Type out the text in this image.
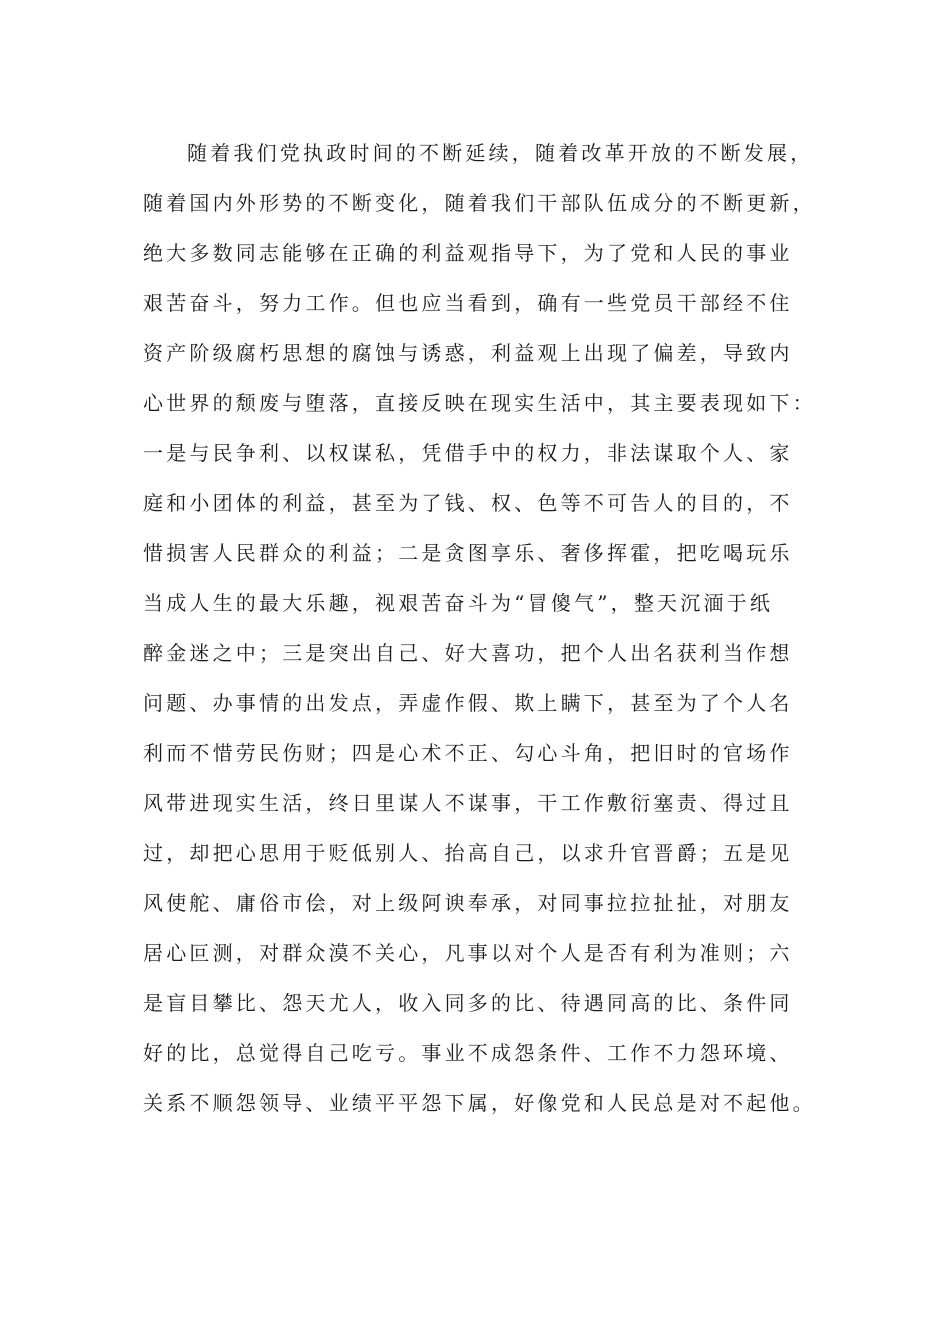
随着我们党执政时间的不断延续，随着改革开放的不断发展，
随着国内外形势的不断变化，随着我们干部队伍成分的不断更新，
绝大多数同志能够在正确的利益观指导下，为了党和人民的事业
艰苦奋斗，努力工作。但也应当看到，确有一些党员干部经不住
资产阶级腐朽思想的腐蚀与诱惑，利益观上出现了偏差，导致内
心世界的颓废与堕落，直接反映在现实生活中，其主要表现如下：
一是与民争利、以权谋私，凭借手中的权力，非法谋取个人、家
庭和小团体的利益，甚至为了钱、权、色等不可告人的目的，不
惜损害人民群众的利益；二是贪图享乐、奢侈挥霍，把吃喝玩乐
当成人生的最大乐趣，视艰苦奋斗为“冒傻气”，整天沉湎于纸
醉金迷之中；三是突出自己、好大喜功，把个人出名获利当作想
问题、办事情的出发点，弄虚作假、欺上瞒下，甚至为了个人名
利而不惜劳民伤财；四是心术不正、勾心斗角，把旧时的官场作
风带进现实生活，终日里谋人不谋事，干工作敷衍塞责、得过且
过，却把心思用于贬低别人、抬高自己，以求升官晋爵；五是见
风使舵、庸俗市侩，对上级阿谀奉承，对同事拉拉扯扯，对朋友
居心叵测，对群众漠不关心，凡事以对个人是否有利为准则；六
是盲目攀比、怨天尤人，收入同多的比、待遇同高的比、条件同
好的比，总觉得自己吃亏。事业不成怨条件、工作不力怨环境、
关系不顺怨领导、业绩平平怨下属，好像党和人民总是对不起他。
